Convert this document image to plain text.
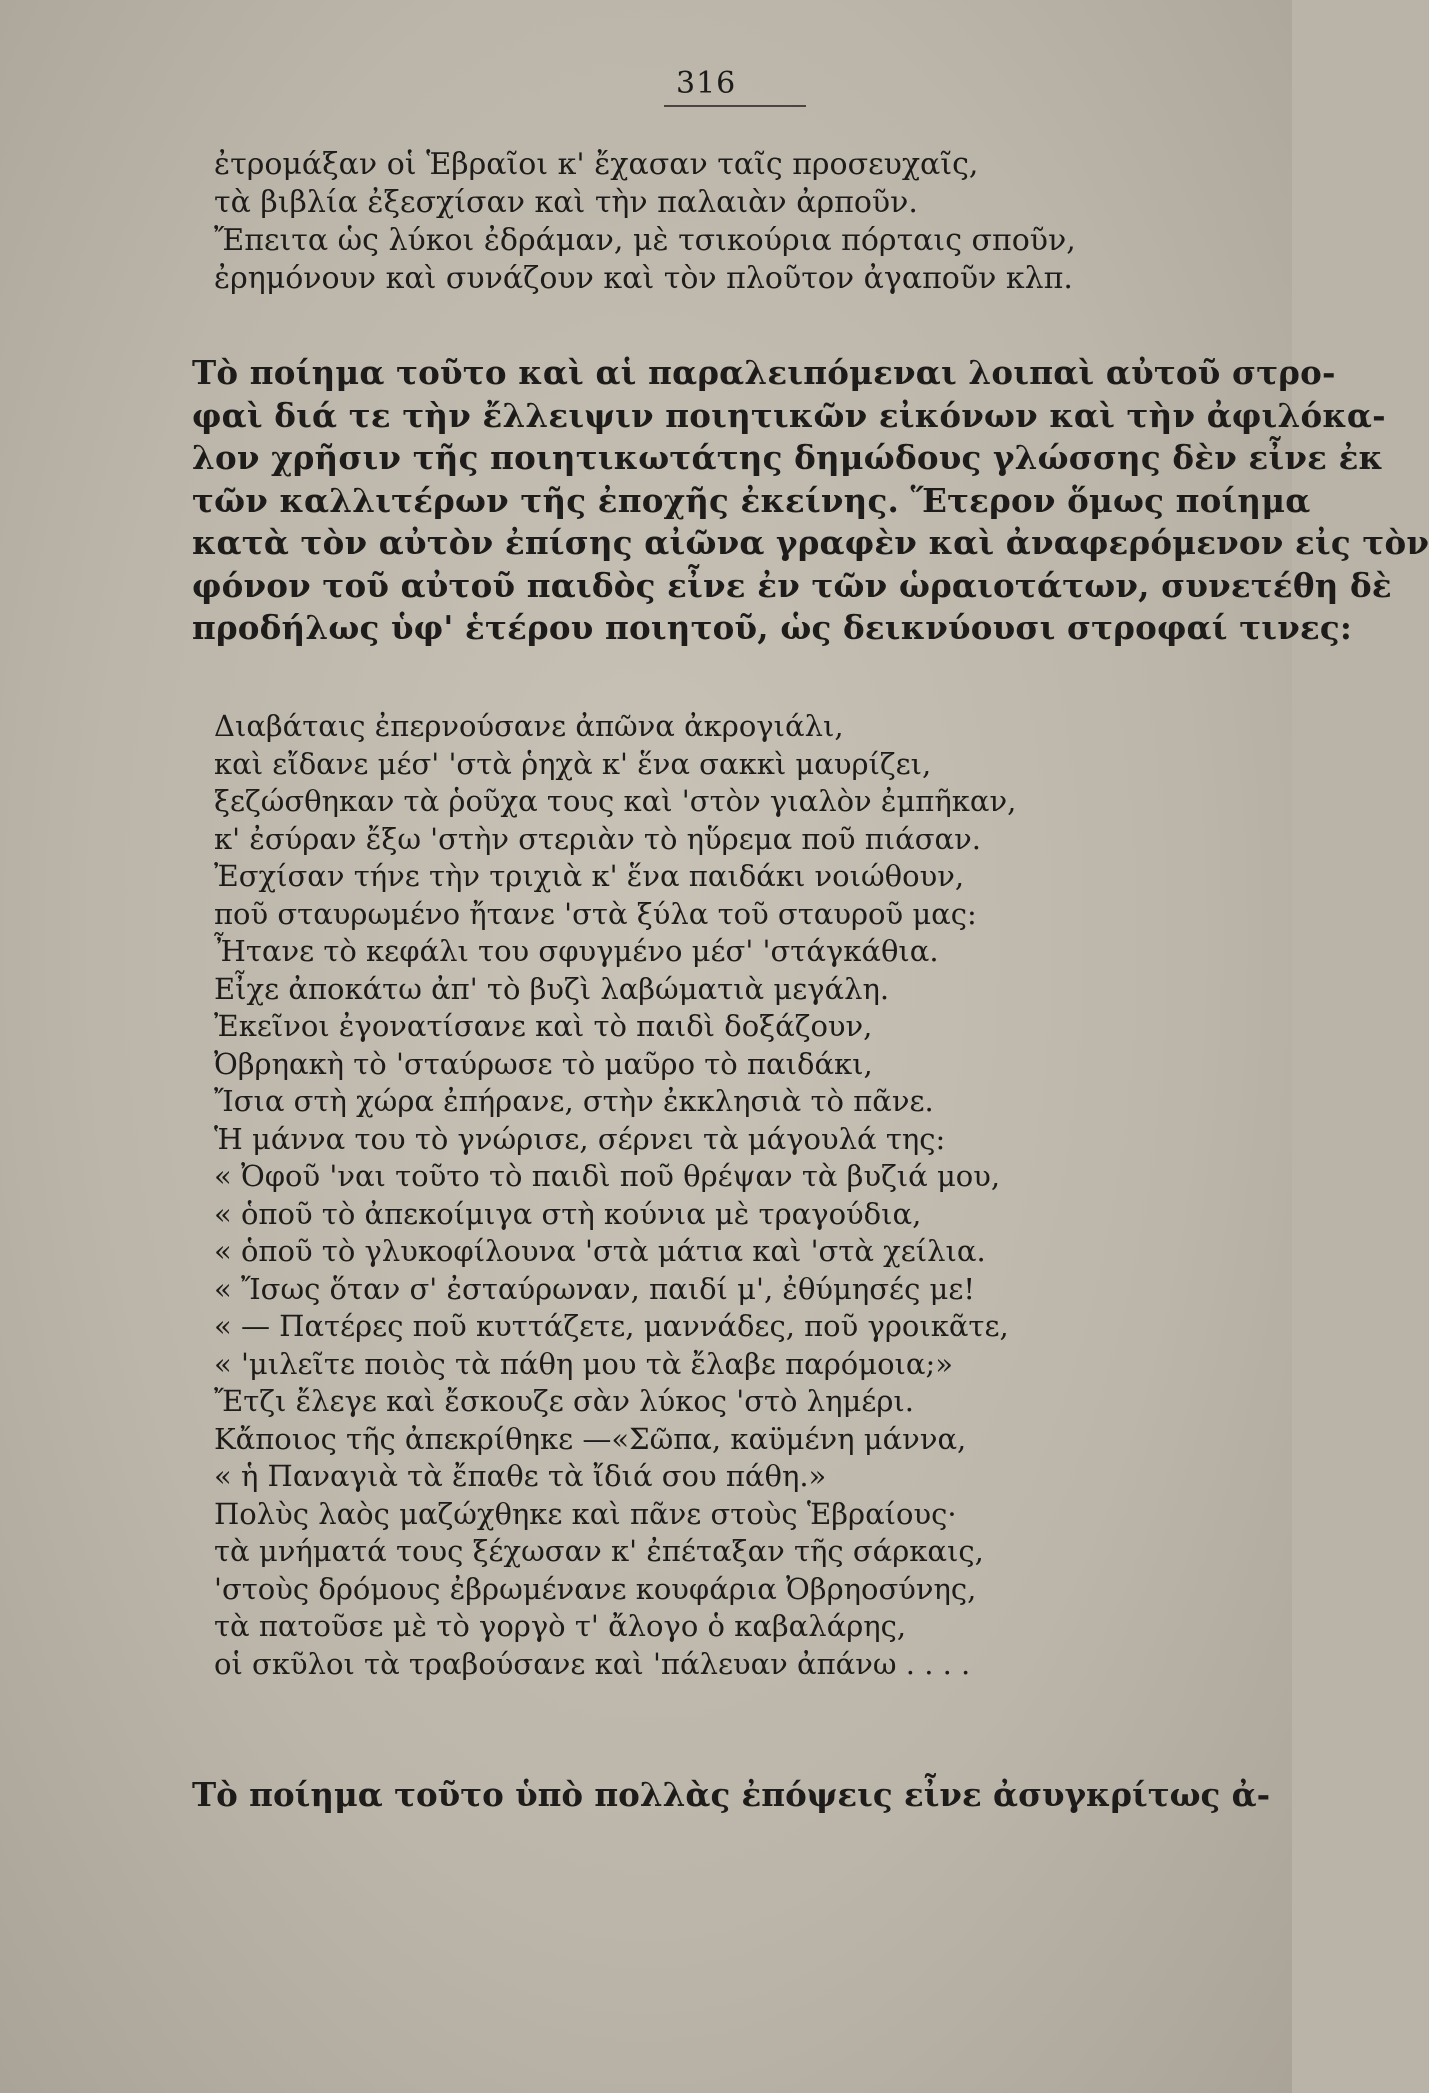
316
ἐτρομάξαν οἱ Ἑβραῖοι κ' ἔχασαν ταῖς προσευχαῖς,
τὰ βιβλία ἐξεσχίσαν καὶ τὴν παλαιὰν ἀρποῦν.
Ἔπειτα ὡς λύκοι ἐδράμαν, μὲ τσικούρια πόρταις σποῦν,
ἐρημόνουν καὶ συνάζουν καὶ τὸν πλοῦτον ἀγαποῦν κλπ.
Τὸ ποίημα τοῦτο καὶ αἱ παραλειπόμεναι λοιπαὶ αὐτοῦ στρο-
φαὶ διά τε τὴν ἔλλειψιν ποιητικῶν εἰκόνων καὶ τὴν ἀφιλόκα-
λον χρῆσιν τῆς ποιητικωτάτης δημώδους γλώσσης δὲν εἶνε ἐκ
τῶν καλλιτέρων τῆς ἐποχῆς ἐκείνης. Ἕτερον ὅμως ποίημα
κατὰ τὸν αὐτὸν ἐπίσης αἰῶνα γραφὲν καὶ ἀναφερόμενον εἰς τὸν
φόνον τοῦ αὐτοῦ παιδὸς εἶνε ἐν τῶν ὡραιοτάτων, συνετέθη δὲ
προδήλως ὑφ' ἑτέρου ποιητοῦ, ὡς δεικνύουσι στροφαί τινες:
Διαβάταις ἐπερνούσανε ἀπῶνα ἀκρογιάλι,
καὶ εἴδανε μέσ' 'στὰ ῥηχὰ κ' ἕνα σακκὶ μαυρίζει,
ξεζώσθηκαν τὰ ῥοῦχα τους καὶ 'στὸν γιαλὸν ἐμπῆκαν,
κ' ἐσύραν ἔξω 'στὴν στεριὰν τὸ ηὕρεμα ποῦ πιάσαν.
Ἐσχίσαν τήνε τὴν τριχιὰ κ' ἕνα παιδάκι νοιώθουν,
ποῦ σταυρωμένο ἤτανε 'στὰ ξύλα τοῦ σταυροῦ μας:
Ἦτανε τὸ κεφάλι του σφυγμένο μέσ' 'στάγκάθια.
Εἶχε ἀποκάτω ἀπ' τὸ βυζὶ λαβώματιὰ μεγάλη.
Ἐκεῖνοι ἐγονατίσανε καὶ τὸ παιδὶ δοξάζουν,
Ὀβρηακὴ τὸ 'σταύρωσε τὸ μαῦρο τὸ παιδάκι,
Ἴσια στὴ χώρα ἐπήρανε, στὴν ἐκκλησιὰ τὸ πᾶνε.
Ἡ μάννα του τὸ γνώρισε, σέρνει τὰ μάγουλά της:
« Ὀφοῦ 'ναι τοῦτο τὸ παιδὶ ποῦ θρέψαν τὰ βυζιά μου,
« ὁποῦ τὸ ἀπεκοίμιγα στὴ κούνια μὲ τραγούδια,
« ὁποῦ τὸ γλυκοφίλουνα 'στὰ μάτια καὶ 'στὰ χείλια.
« Ἴσως ὅταν σ' ἐσταύρωναν, παιδί μ', ἐθύμησές με!
« — Πατέρες ποῦ κυττάζετε, μαννάδες, ποῦ γροικᾶτε,
« 'μιλεῖτε ποιὸς τὰ πάθη μου τὰ ἔλαβε παρόμοια;»
Ἔτζι ἔλεγε καὶ ἔσκουζε σὰν λύκος 'στὸ λημέρι.
Κἄποιος τῆς ἀπεκρίθηκε —«Σῶπα, καϋμένη μάννα,
« ἡ Παναγιὰ τὰ ἔπαθε τὰ ἴδιά σου πάθη.»
Πολὺς λαὸς μαζώχθηκε καὶ πᾶνε στοὺς Ἑβραίους·
τὰ μνήματά τους ξέχωσαν κ' ἐπέταξαν τῆς σάρκαις,
'στοὺς δρόμους ἐβρωμένανε κουφάρια Ὀβρηοσύνης,
τὰ πατοῦσε μὲ τὸ γοργὸ τ' ἄλογο ὁ καβαλάρης,
οἱ σκῦλοι τὰ τραβούσανε καὶ 'πάλευαν ἀπάνω . . . .
Τὸ ποίημα τοῦτο ὑπὸ πολλὰς ἐπόψεις εἶνε ἀσυγκρίτως ἀ-
